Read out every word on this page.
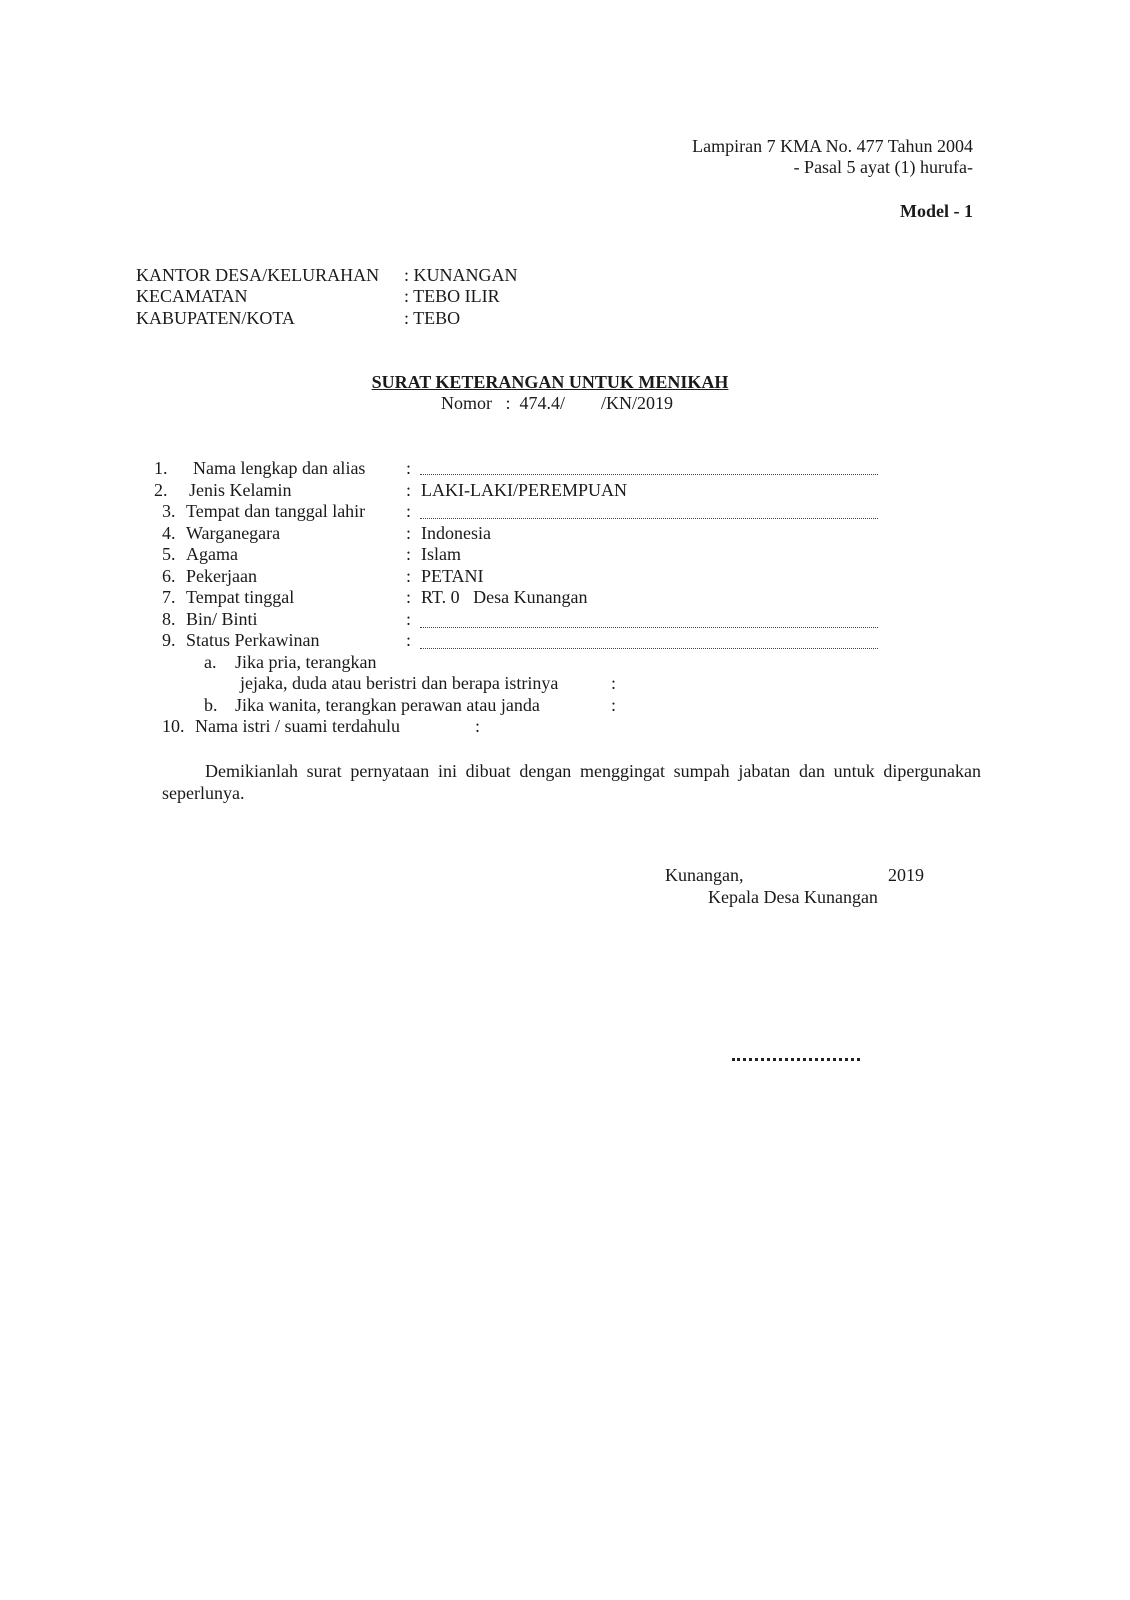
Lampiran 7 KMA No. 477 Tahun 2004
- Pasal 5 ayat (1) hurufa-
Model - 1
KANTOR DESA/KELURAHAN : KUNANGAN
KECAMATAN	: TEBO ILIR
KABUPATEN/KOTA	: TEBO
SURAT KETERANGAN UNTUK MENIKAH
Nomor   :  474.4/        /KN/2019
1. Nama lengkap dan alias :
2. Jenis Kelamin	: LAKI-LAKI/PEREMPUAN
3. Tempat dan tanggal lahir :
4. Warganegara	: Indonesia
5. Agama	: Islam
6. Pekerjaan	: PETANI
7. Tempat tinggal	: RT. 0   Desa Kunangan
8. Bin/ Binti	:
9. Status Perkawinan	:
a. Jika pria, terangkan
jejaka, duda atau beristri dan berapa istrinya	:
b. Jika wanita, terangkan perawan atau janda	:
10. Nama istri / suami terdahulu	:
Demikianlah surat pernyataan ini dibuat dengan menggingat sumpah jabatan dan untuk dipergunakan
seperlunya.
Kunangan,	2019
Kepala Desa Kunangan
